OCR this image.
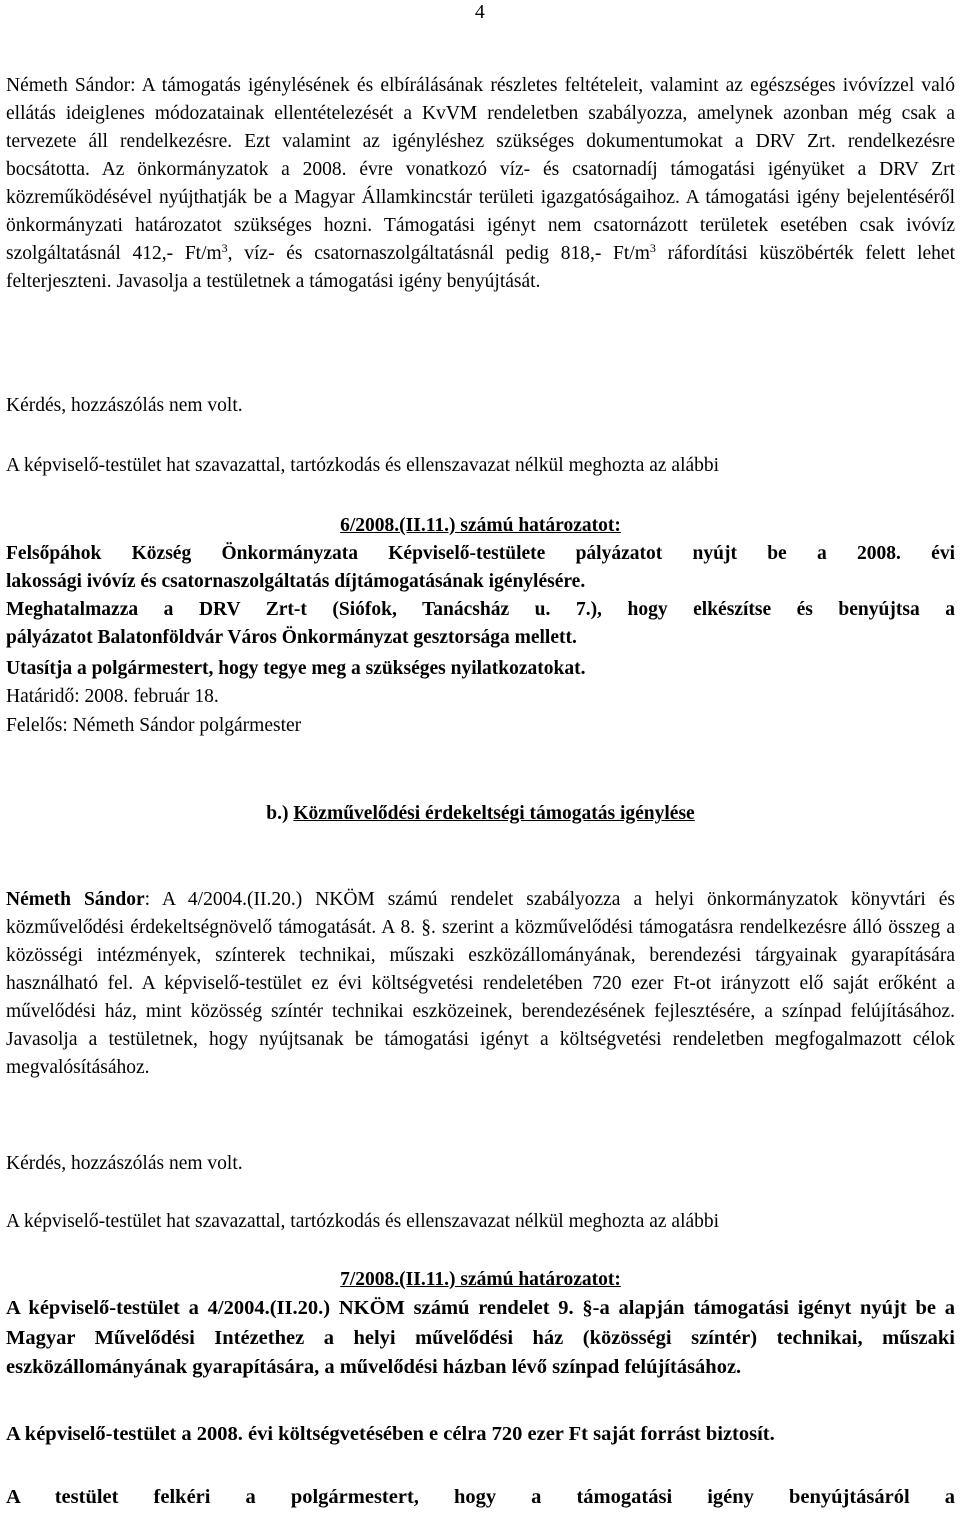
4

Németh Sándor: A támogatás igénylésének és elbírálásának részletes feltételeit, valamint az egészséges ivóvízzel való ellátás ideiglenes módozatainak ellentételezését a KvVM rendeletben szabályozza, amelynek azonban még csak a tervezete áll rendelkezésre. Ezt valamint az igényléshez szükséges dokumentumokat a DRV Zrt. rendelkezésre bocsátotta. Az önkormányzatok a 2008. évre vonatkozó víz- és csatornadíj támogatási igényüket a DRV Zrt közreműködésével nyújthatják be a Magyar Államkincstár területi igazgatóságaihoz. A támogatási igény bejelentéséről önkormányzati határozatot szükséges hozni. Támogatási igényt nem csatornázott területek esetében csak ivóvíz szolgáltatásnál 412,- $Ft/m^3$, víz- és csatornaszolgáltatásnál pedig 818,- $Ft/m^3$ ráfordítási küszöbérték felett lehet felterjeszteni. Javasolja a testületnek a támogatási igény benyújtását.

Kérdés, hozzászólás nem volt.
A képviselő-testület hat szavazattal, tartózkodás és ellenszavazat nélkül meghozta az alábbi
6/2008.(II.11.) számú határozatot:
Felsőpáhok Község Önkormányzata Képviselő-testülete pályázatot nyújt be a 2008. évi
lakossági ivóvíz és csatornaszolgáltatás díjtámogatásának igénylésére.
Meghatalmazza a DRV Zrt-t (Siófok, Tanácsház u. 7.), hogy elkészítse és benyújtsa a
pályázatot Balatonföldvár Város Önkormányzat gesztorsága mellett.
Utasítja a polgármestert, hogy tegye meg a szükséges nyilatkozatokat.
Határidő: 2008. február 18.
Felelős: Németh Sándor polgármester
b.) Közművelődési érdekeltségi támogatás igénylése

Németh Sándor: A 4/2004.(II.20.) NKÖM számú rendelet szabályozza a helyi önkormányzatok könyvtári és közművelődési érdekeltségnövelő támogatását. A 8. §. szerint a közművelődési támogatásra rendelkezésre álló összeg a közösségi intézmények, színterek technikai, műszaki eszközállományának, berendezési tárgyainak gyarapítására használható fel. A képviselő-testület ez évi költségvetési rendeletében 720 ezer Ft-ot irányzott elő saját erőként a művelődési ház, mint közösség színtér technikai eszközeinek, berendezésének fejlesztésére, a színpad felújításához. Javasolja a testületnek, hogy nyújtsanak be támogatási igényt a költségvetési rendeletben megfogalmazott célok megvalósításához.

Kérdés, hozzászólás nem volt.
A képviselő-testület hat szavazattal, tartózkodás és ellenszavazat nélkül meghozta az alábbi
7/2008.(II.11.) számú határozatot:

A képviselő-testület a 4/2004.(II.20.) NKÖM számú rendelet 9. §-a alapján támogatási igényt nyújt be a Magyar Művelődési Intézethez a helyi művelődési ház (közösségi színtér) technikai, műszaki eszközállományának gyarapítására, a művelődési házban lévő színpad felújításához.

A képviselő-testület a 2008. évi költségvetésében e célra 720 ezer Ft saját forrást biztosít.

A testület felkéri a polgármestert, hogy a támogatási igény benyújtásáról a
